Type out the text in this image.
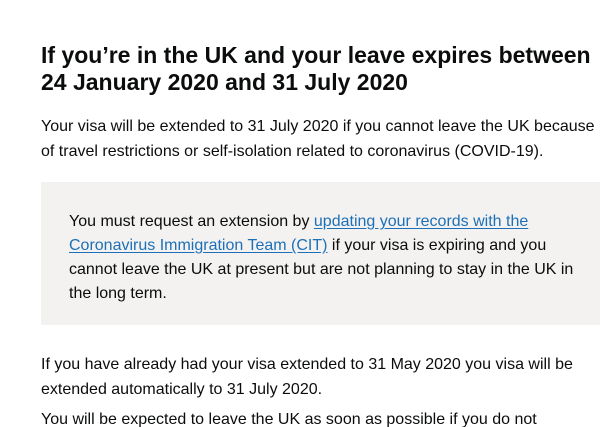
If you’re in the UK and your leave expires between 24 January 2020 and 31 July 2020

Your visa will be extended to 31 July 2020 if you cannot leave the UK because of travel restrictions or self-isolation related to coronavirus (COVID-19).

You must request an extension by updating your records with the Coronavirus Immigration Team (CIT) if your visa is expiring and you cannot leave the UK at present but are not planning to stay in the UK in the long term.

If you have already had your visa extended to 31 May 2020 you visa will be extended automatically to 31 July 2020.

You will be expected to leave the UK as soon as possible if you do not
